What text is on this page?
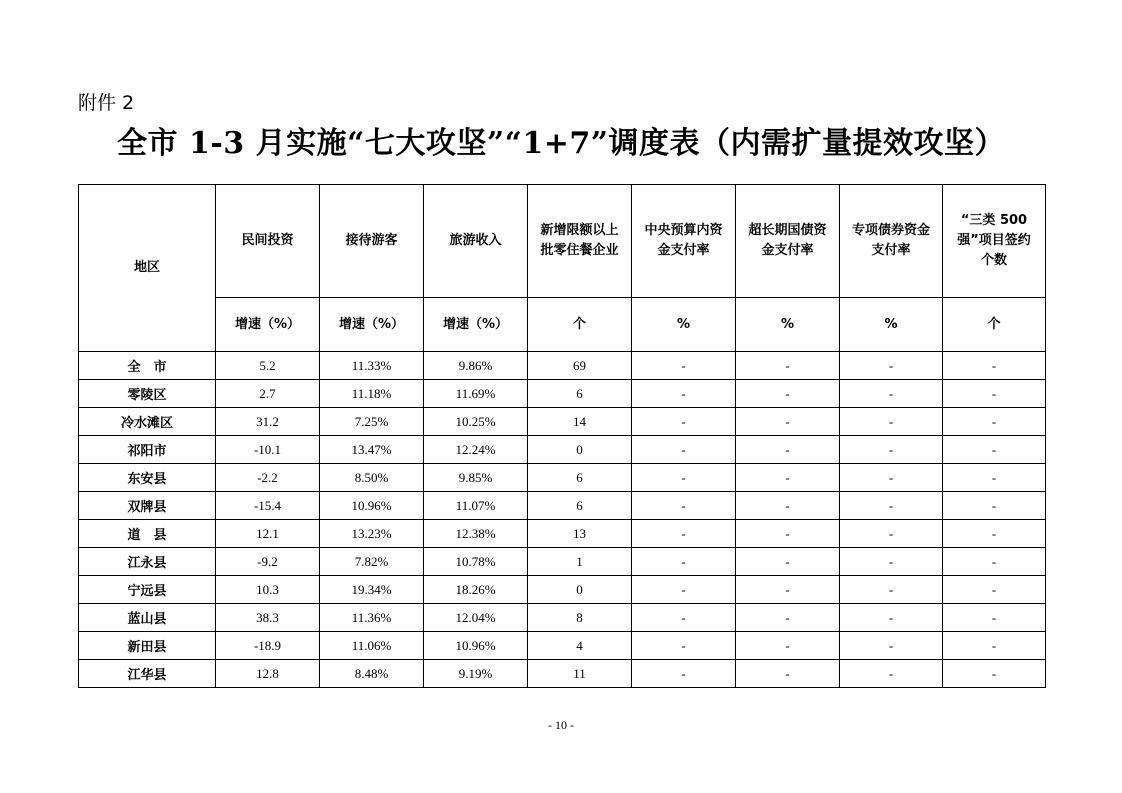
附件 2
全市 1-3 月实施“七大攻坚”“1+7”调度表（内需扩量提效攻坚）
地区	民间投资	接待游客	旅游收入	新增限额以上批零住餐企业	中央预算内资金支付率	超长期国债资金支付率	专项债券资金支付率	“三类 500 强”项目签约个数

	增速（%）	增速（%）	增速（%）	个	%	%	%	个
全　市	5.2	11.33%	9.86%	69	-	-	-	-
零陵区	2.7	11.18%	11.69%	6	-	-	-	-
冷水滩区	31.2	7.25%	10.25%	14	-	-	-	-
祁阳市	-10.1	13.47%	12.24%	0	-	-	-	-
东安县	-2.2	8.50%	9.85%	6	-	-	-	-
双牌县	-15.4	10.96%	11.07%	6	-	-	-	-
道　县	12.1	13.23%	12.38%	13	-	-	-	-
江永县	-9.2	7.82%	10.78%	1	-	-	-	-
宁远县	10.3	19.34%	18.26%	0	-	-	-	-
蓝山县	38.3	11.36%	12.04%	8	-	-	-	-
新田县	-18.9	11.06%	10.96%	4	-	-	-	-
江华县	12.8	8.48%	9.19%	11	-	-	-	-
- 10 -
